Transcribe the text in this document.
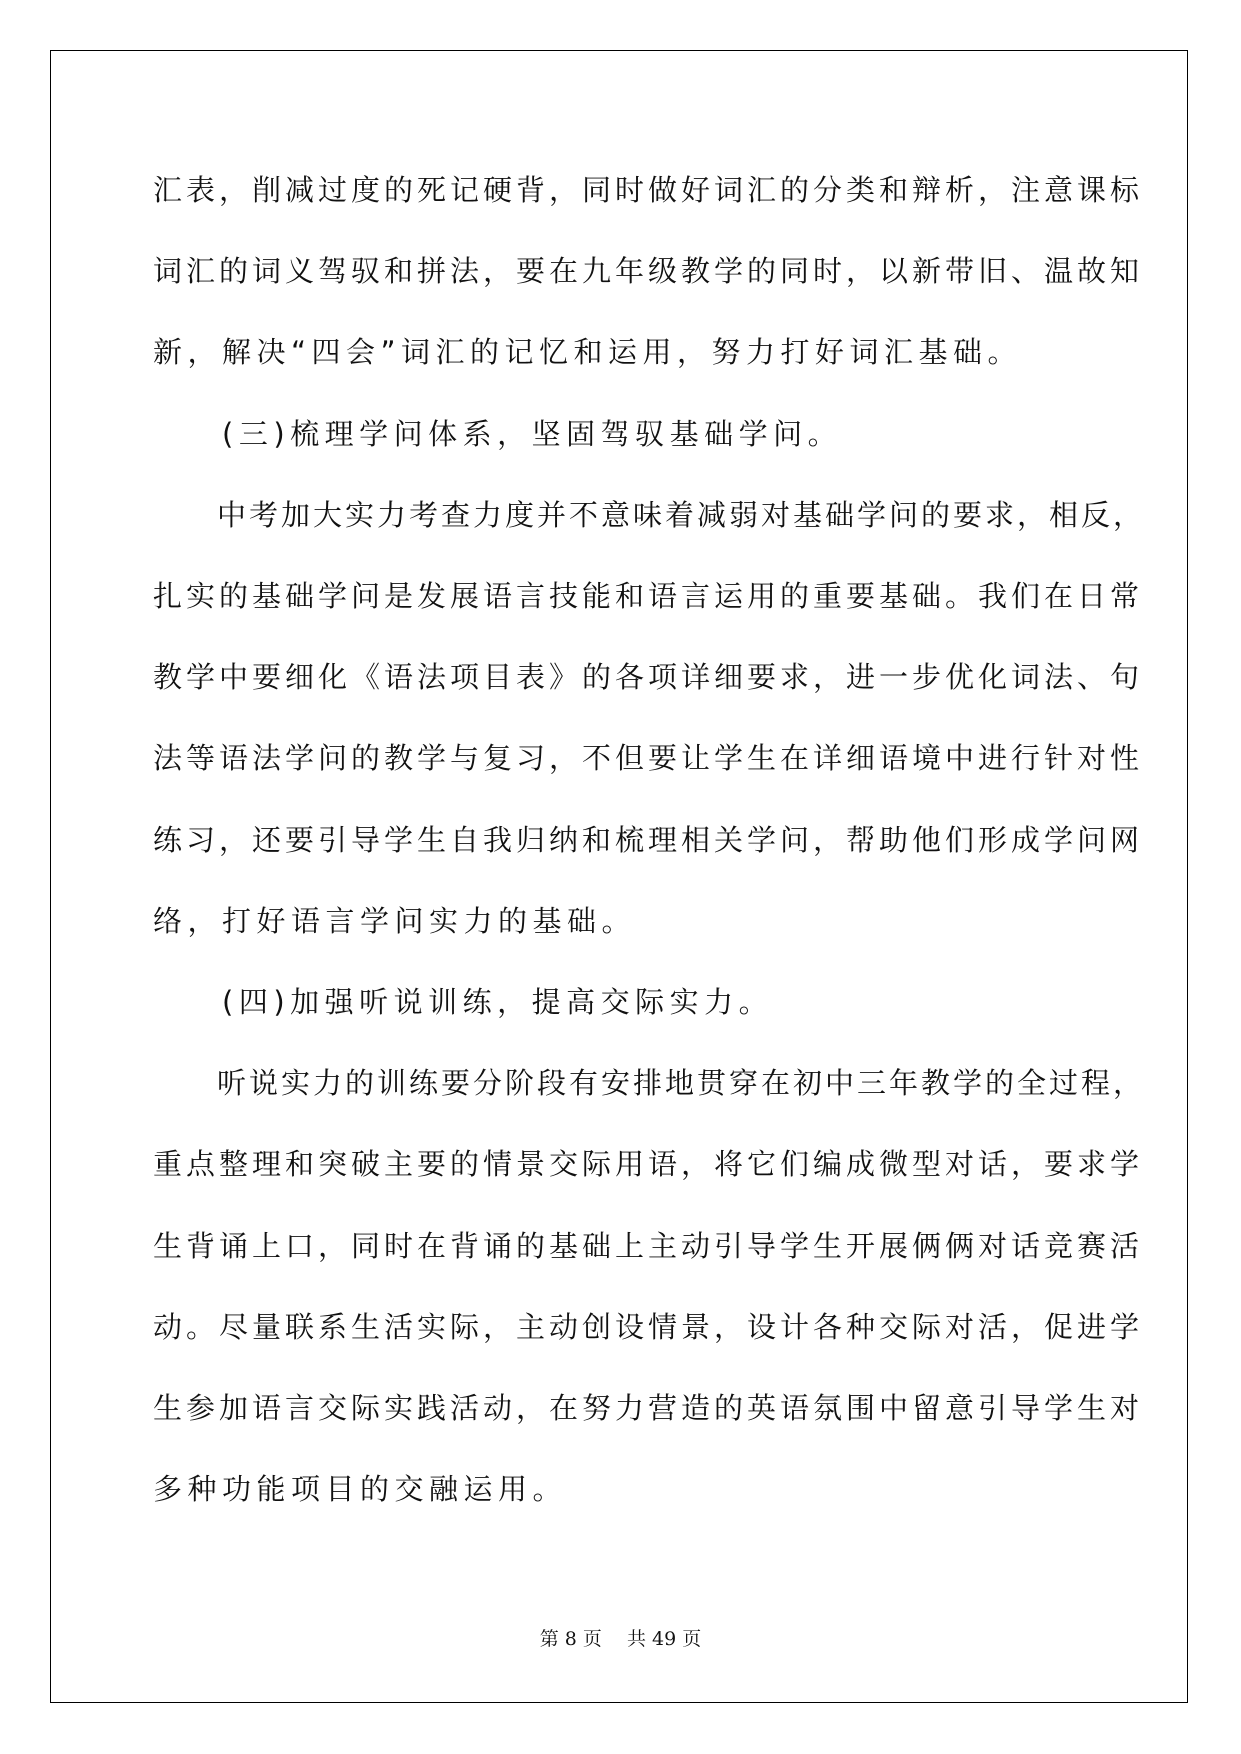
汇表，削减过度的死记硬背，同时做好词汇的分类和辩析，注意课标
词汇的词义驾驭和拼法，要在九年级教学的同时，以新带旧、温故知
新，解决“四会”词汇的记忆和运用，努力打好词汇基础。
　　(三)梳理学问体系，坚固驾驭基础学问。
　　中考加大实力考查力度并不意味着减弱对基础学问的要求，相反，
扎实的基础学问是发展语言技能和语言运用的重要基础。我们在日常
教学中要细化《语法项目表》的各项详细要求，进一步优化词法、句
法等语法学问的教学与复习，不但要让学生在详细语境中进行针对性
练习，还要引导学生自我归纳和梳理相关学问，帮助他们形成学问网
络，打好语言学问实力的基础。
　　(四)加强听说训练，提高交际实力。
　　听说实力的训练要分阶段有安排地贯穿在初中三年教学的全过程，
重点整理和突破主要的情景交际用语，将它们编成微型对话，要求学
生背诵上口，同时在背诵的基础上主动引导学生开展俩俩对话竞赛活
动。尽量联系生活实际，主动创设情景，设计各种交际对活，促进学
生参加语言交际实践活动，在努力营造的英语氛围中留意引导学生对
多种功能项目的交融运用。
第 8 页　 共 49 页
